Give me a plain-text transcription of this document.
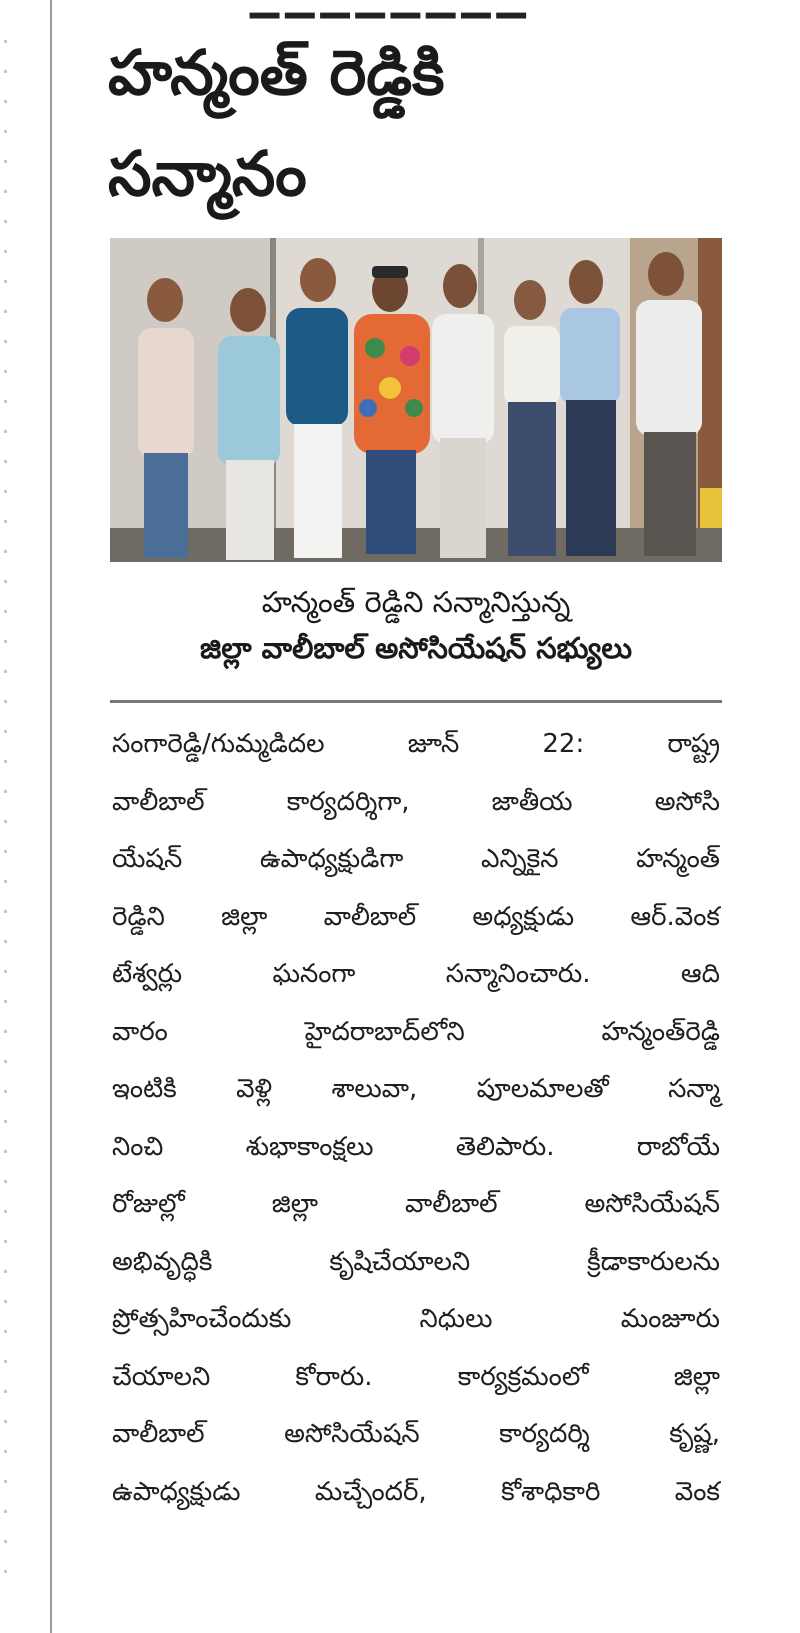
హన్మంత్ రెడ్డికి
సన్మానం
హన్మంత్ రెడ్డిని సన్మానిస్తున్న
జిల్లా వాలీబాల్ అసోసియేషన్ సభ్యులు
సంగారెడ్డి/గుమ్మడిదల జూన్ 22: రాష్ట్ర
వాలీబాల్ కార్యదర్శిగా, జాతీయ అసోసి
యేషన్ ఉపాధ్యక్షుడిగా ఎన్నికైన హన్మంత్
రెడ్డిని జిల్లా వాలీబాల్ అధ్యక్షుడు ఆర్.వెంక
టేశ్వర్లు ఘనంగా సన్మానించారు. ఆది
వారం హైదరాబాద్‌లోని హన్మంత్‌రెడ్డి
ఇంటికి వెళ్లి శాలువా, పూలమాలతో సన్మా
నించి శుభాకాంక్షలు తెలిపారు. రాబోయే
రోజుల్లో జిల్లా వాలీబాల్ అసోసియేషన్
అభివృద్ధికి కృషిచేయాలని క్రీడాకారులను
ప్రోత్సహించేందుకు నిధులు మంజూరు
చేయాలని కోరారు. కార్యక్రమంలో జిల్లా
వాలీబాల్ అసోసియేషన్ కార్యదర్శి కృష్ణ,
ఉపాధ్యక్షుడు మచ్చేందర్, కోశాధికారి వెంక
